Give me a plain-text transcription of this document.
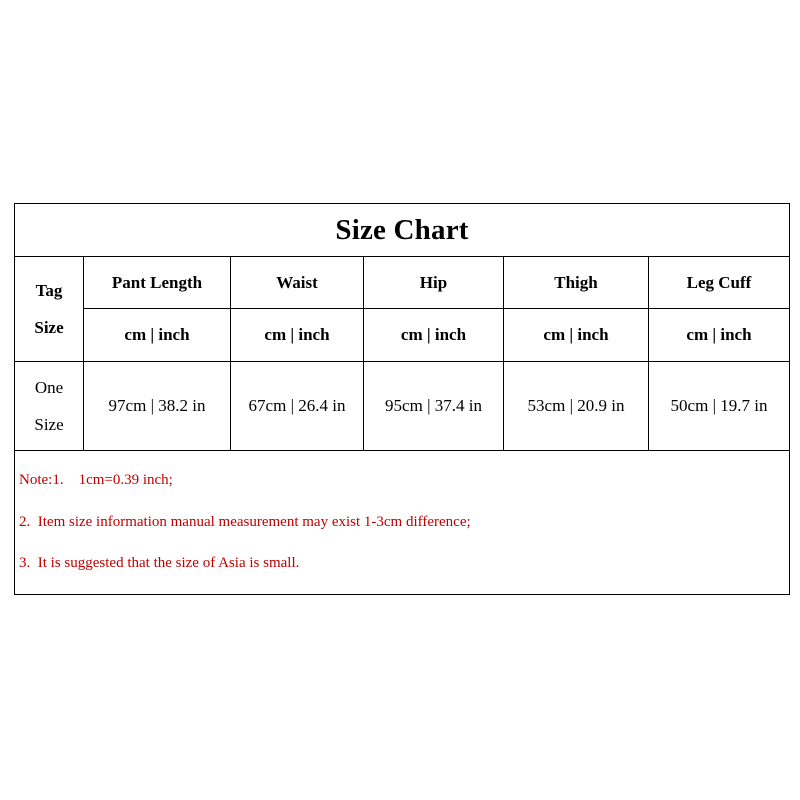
Size Chart
Tag
Size
Pant Length	Waist	Hip	Thigh	Leg Cuff
cm | inch	cm | inch	cm | inch	cm | inch	cm | inch
One
Size
97cm | 38.2 in	67cm | 26.4 in	95cm | 37.4 in	53cm | 20.9 in	50cm | 19.7 in
Note:1.    1cm=0.39 inch;
2.  Item size information manual measurement may exist 1-3cm difference;
3.  It is suggested that the size of Asia is small.
